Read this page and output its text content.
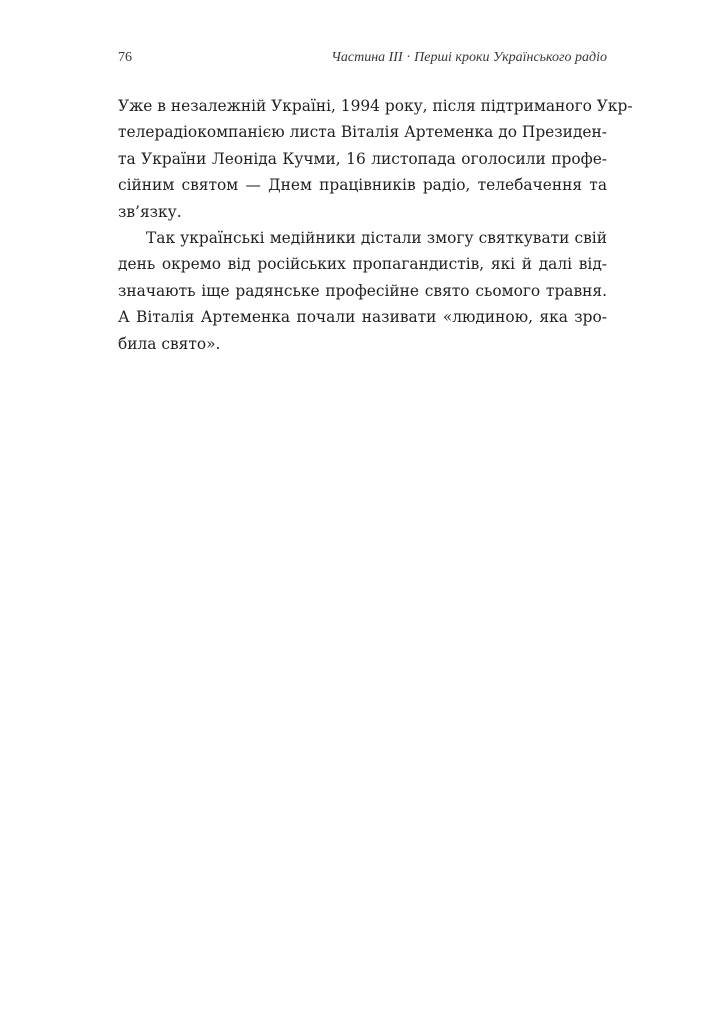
76	Частина III · Перші кроки Українського радіо

Уже в незалежній Україні, 1994 року, після підтриманого Укр-
телерадіокомпанією листа Віталія Артеменка до Президен-
та України Леоніда Кучми, 16 листопада оголосили профе-
сійним святом — Днем працівників радіо, телебачення та
зв’язку.

Так українські медійники дістали змогу святкувати свій
день окремо від російських пропагандистів, які й далі від-
значають іще радянське професійне свято сьомого травня.
А Віталія Артеменка почали називати «людиною, яка зро-
била свято».
